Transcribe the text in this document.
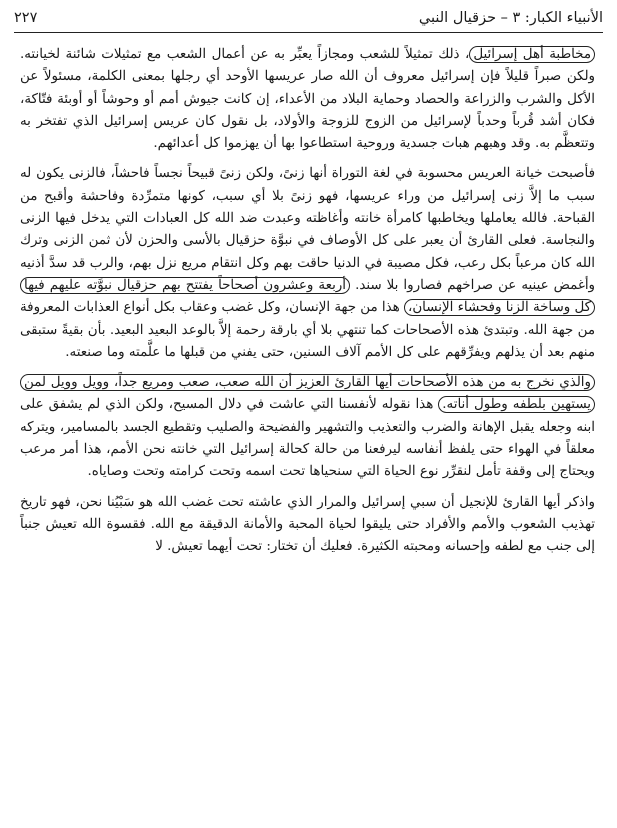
الأنبياء الكبار: ٣ – حزقيال النبي
٢٢٧

مخاطبة أهل إسرائيل، ذلك تمثيلاً للشعب ومجازاً يعبِّر به عن أعمال الشعب مع تمثيلات شائنة لخيانته. ولكن صبراً قليلاً فإن إسرائيل معروف أن الله صار عريسها الأوحد أي رجلها بمعنى الكلمة، مسئولاً عن الأكل والشرب والزراعة والحصاد وحماية البلاد من الأعداء، إن كانت جيوش أمم أو وحوشاً أو أوبئة فتّاكة، فكان أشد قُرباً وحدباً لإسرائيل من الزوج للزوجة والأولاد، بل نقول كان عريس إسرائيل الذي تفتخر به وتتعظَّم به. وقد وهبهم هبات جسدية وروحية استطاعوا بها أن يهزموا كل أعدائهم.

فأصبحت خيانة العريس محسوبة في لغة التوراة أنها زنىً، ولكن زنىً قبيحاً نجساً فاحشاً، فالزنى يكون له سبب ما إلاَّ زنى إسرائيل من وراء عريسها، فهو زنىً بلا أي سبب، كونها متمرِّدة وفاحشة وأقبح من القباحة. فالله يعاملها ويخاطبها كامرأة خانته وأغاظته وعبدت ضد الله كل العبادات التي يدخل فيها الزنى والنجاسة. فعلى القارئ أن يعبر على كل الأوصاف في نبوَّة حزقيال بالأسى والحزن لأن ثمن الزنى وترك الله كان مرعباً بكل رعب، فكل مصيبة في الدنيا حاقت بهم وكل انتقام مريع نزل بهم، والرب قد سدَّ أذنيه وأغمض عينيه عن صراخهم فصاروا بلا سند. أربعة وعشرون أصحاحاً يفتتح بهم حزقيال نبوَّته عليهم فيها كل وساخة الزنا وفحشاء الإنسان، هذا من جهة الإنسان، وكل غضب وعقاب بكل أنواع العذابات المعروفة من جهة الله. وتبتدئ هذه الأصحاحات كما تنتهي بلا أي بارقة رحمة إلاَّ بالوعد البعيد البعيد. بأن بقيةً ستبقى منهم بعد أن يذلهم ويفرِّقهم على كل الأمم آلاف السنين، حتى يفني من قبلها ما علَّمته وما صنعته.

والذي نخرج به من هذه الأصحاحات أيها القارئ العزيز أن الله صعب، صعب ومريع جداً، وويل وويل لمن يستهين بلطفه وطول أناته. هذا نقوله لأنفسنا التي عاشت في دلال المسيح، ولكن الذي لم يشفق على ابنه وجعله يقبل الإهانة والضرب والتعذيب والتشهير والفضيحة والصليب وتقطيع الجسد بالمسامير، ويتركه معلقاً في الهواء حتى يلفظ أنفاسه ليرفعنا من حالة كحالة إسرائيل التي خانته نحن الأمم، هذا أمر مرعب ويحتاج إلى وقفة تأمل لنقرِّر نوع الحياة التي سنحياها تحت اسمه وتحت كرامته وتحت وصاياه.

واذكر أيها القارئ للإنجيل أن سبي إسرائيل والمرار الذي عاشته تحت غضب الله هو سَبْيُنا نحن، فهو تاريخ تهذيب الشعوب والأمم والأفراد حتى يليقوا لحياة المحبة والأمانة الدقيقة مع الله. فقسوة الله تعيش جنباً إلى جنب مع لطفه وإحسانه ومحبته الكثيرة. فعليك أن تختار: تحت أيهما تعيش. لا
